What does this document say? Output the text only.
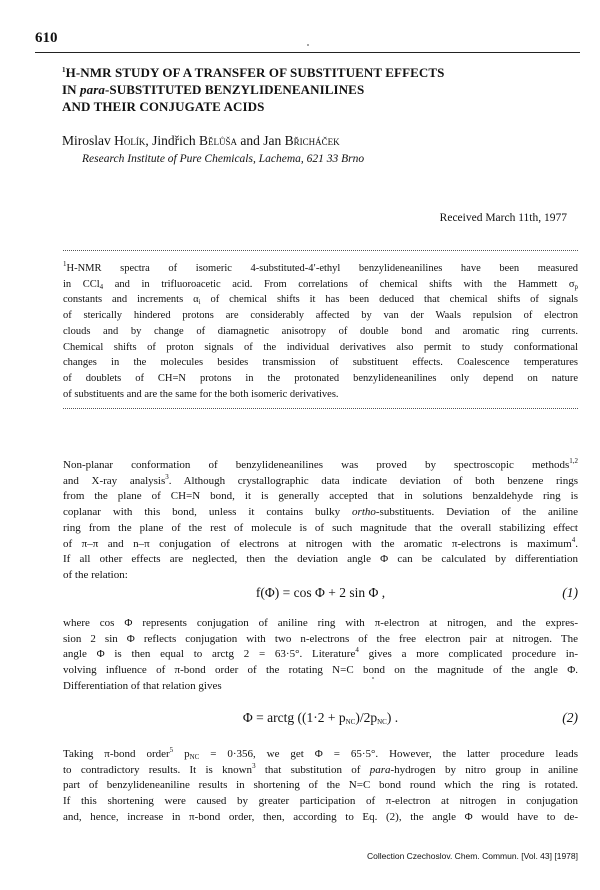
610
$^1$H-NMR STUDY OF A TRANSFER OF SUBSTITUENT EFFECTS
IN para-SUBSTITUTED BENZYLIDENEANILINES
AND THEIR CONJUGATE ACIDS
Miroslav Holík, Jindřich Bělůša and Jan Břicháček
Research Institute of Pure Chemicals, Lachema, 621 33 Brno
Received March 11th, 1977
$^1$H-NMR spectra of isomeric 4-substituted-4′-ethyl benzylideneanilines have been measured
in CCl$_4$ and in trifluoroacetic acid. From correlations of chemical shifts with the Hammett $\sigma_p$
constants and increments $\alpha_i$ of chemical shifts it has been deduced that chemical shifts of signals
of sterically hindered protons are considerably affected by van der Waals repulsion of electron
clouds and by change of diamagnetic anisotropy of double bond and aromatic ring currents.
Chemical shifts of proton signals of the individual derivatives also permit to study conformational
changes in the molecules besides transmission of substituent effects. Coalescence temperatures
of doublets of CH=N protons in the protonated benzylideneanilines only depend on nature
of substituents and are the same for the both isomeric derivatives.
Non-planar conformation of benzylideneanilines was proved by spectroscopic methods$^{1,2}$
and X-ray analysis$^3$. Although crystallographic data indicate deviation of both benzene rings
from the plane of CH=N bond, it is generally accepted that in solutions benzaldehyde ring is
coplanar with this bond, unless it contains bulky ortho-substituents. Deviation of the aniline
ring from the plane of the rest of molecule is of such magnitude that the overall stabilizing effect
of π–π and n–π conjugation of electrons at nitrogen with the aromatic π-electrons is maximum$^4$.
If all other effects are neglected, then the deviation angle Φ can be calculated by differentiation
of the relation:
f(Φ) = cos Φ + 2 sin Φ ,	(1)
where cos Φ represents conjugation of aniline ring with π-electron at nitrogen, and the expres-
sion 2 sin Φ reflects conjugation with two n-electrons of the free electron pair at nitrogen. The
angle Φ is then equal to arctg 2 = 63·5°. Literature$^4$ gives a more complicated procedure in-
volving influence of π-bond order of the rotating N=C bond on the magnitude of the angle Φ.
Differentiation of that relation gives
Φ = arctg $((1\cdot 2 + p_{NC})/2p_{NC})$ .	(2)
Taking π-bond order$^5$ $p_{NC} = 0\cdot 356$, we get Φ = 65·5°. However, the latter procedure leads
to contradictory results. It is known$^3$ that substitution of para-hydrogen by nitro group in aniline
part of benzylideneaniline results in shortening of the N=C bond round which the ring is rotated.
If this shortening were caused by greater participation of π-electron at nitrogen in conjugation
and, hence, increase in π-bond order, then, according to Eq. (2), the angle Φ would have to de-
Collection Czechoslov. Chem. Commun. [Vol. 43] [1978]
